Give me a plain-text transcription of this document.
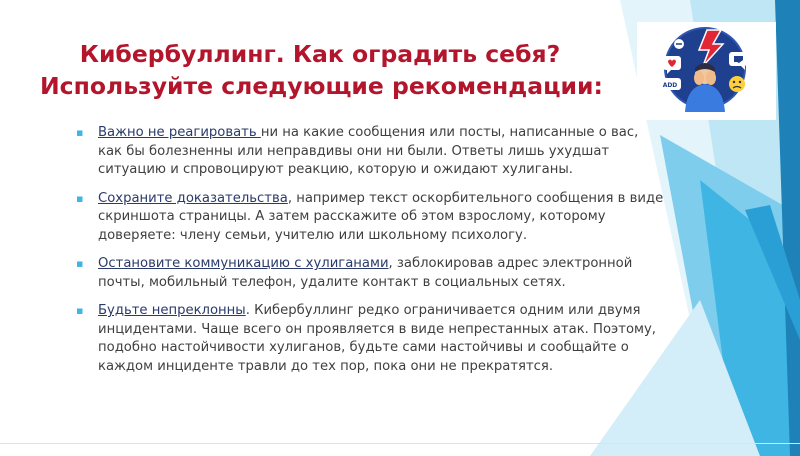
Кибербуллинг. Как оградить себя?
Используйте следующие рекомендации:
▪ Важно не реагировать ни на какие сообщения или посты, написанные о вас, как бы болезненны или неправдивы они ни были. Ответы лишь ухудшат ситуацию и спровоцируют реакцию, которую и ожидают хулиганы.
▪ Сохраните доказательства, например текст оскорбительного сообщения в виде скриншота страницы. А затем расскажите об этом взрослому, которому доверяете: члену семьи, учителю или школьному психологу.
▪ Остановите коммуникацию с хулиганами, заблокировав адрес электронной почты, мобильный телефон, удалите контакт в социальных сетях.
▪ Будьте непреклонны. Кибербуллинг редко ограничивается одним или двумя инцидентами. Чаще всего он проявляется в виде непрестанных атак. Поэтому, подобно настойчивости хулиганов, будьте сами настойчивы и сообщайте о каждом инциденте травли до тех пор, пока они не прекратятся.
ADD
